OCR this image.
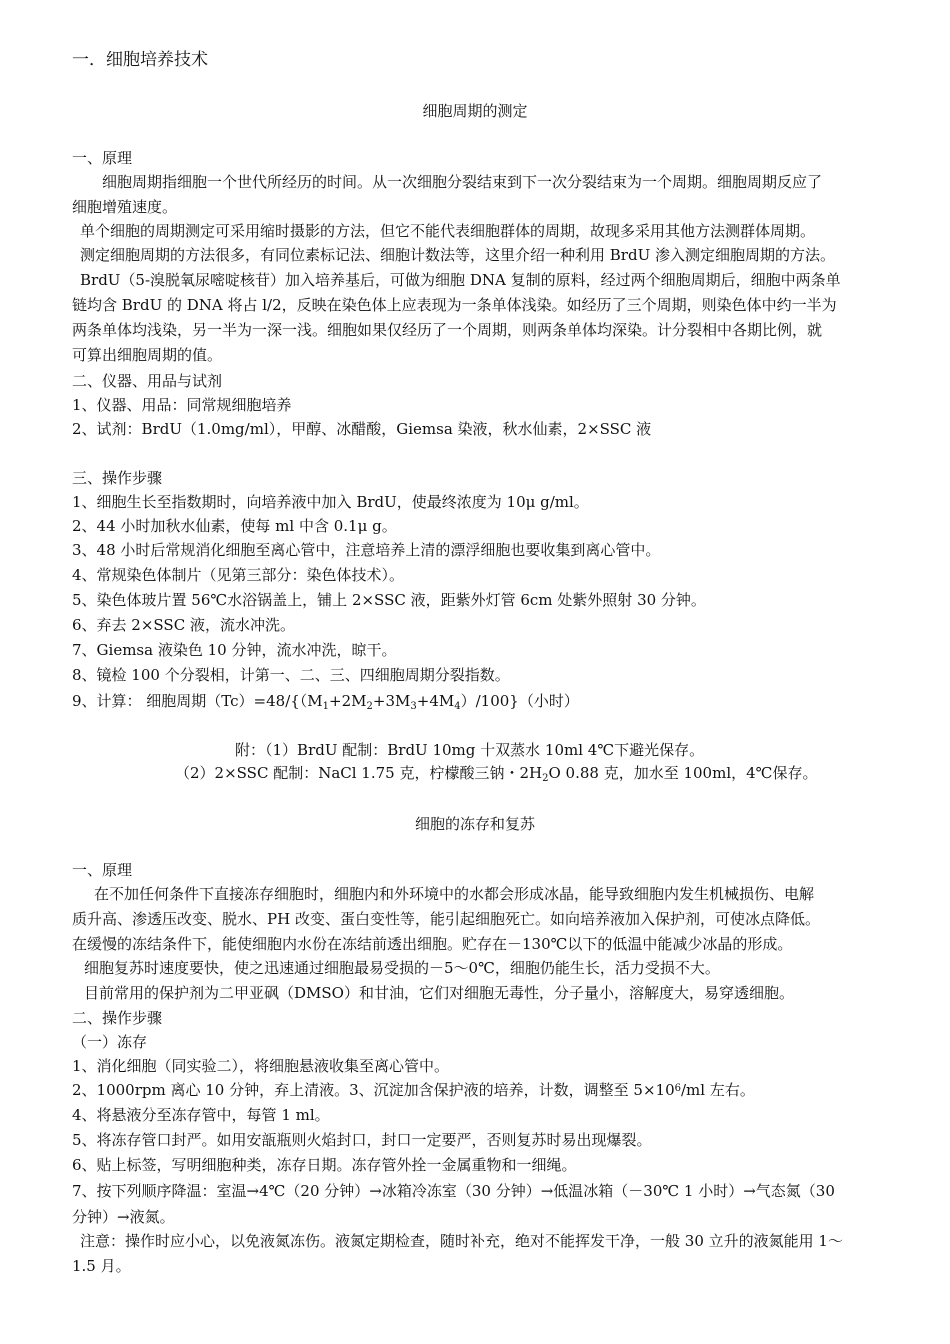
一．细胞培养技术
细胞周期的测定
一、原理
细胞周期指细胞一个世代所经历的时间。从一次细胞分裂结束到下一次分裂结束为一个周期。细胞周期反应了
细胞增殖速度。
单个细胞的周期测定可采用缩时摄影的方法，但它不能代表细胞群体的周期，故现多采用其他方法测群体周期。
测定细胞周期的方法很多，有同位素标记法、细胞计数法等，这里介绍一种利用 BrdU 渗入测定细胞周期的方法。
BrdU（5-溴脱氧尿嘧啶核苷）加入培养基后，可做为细胞 DNA 复制的原料，经过两个细胞周期后，细胞中两条单
链均含 BrdU 的 DNA 将占 l/2，反映在染色体上应表现为一条单体浅染。如经历了三个周期，则染色体中约一半为
两条单体均浅染，另一半为一深一浅。细胞如果仅经历了一个周期，则两条单体均深染。计分裂相中各期比例，就
可算出细胞周期的值。
二、仪器、用品与试剂
1、仪器、用品：同常规细胞培养
2、试剂：BrdU（1.0mg/ml），甲醇、冰醋酸，Giemsa 染液，秋水仙素，2×SSC 液
三、操作步骤
1、细胞生长至指数期时，向培养液中加入 BrdU，使最终浓度为 10μ g/ml。
2、44 小时加秋水仙素，使每 ml 中含 0.1μ g。
3、48 小时后常规消化细胞至离心管中，注意培养上清的漂浮细胞也要收集到离心管中。
4、常规染色体制片（见第三部分：染色体技术）。
5、染色体玻片置 56℃水浴锅盖上，铺上 2×SSC 液，距紫外灯管 6cm 处紫外照射 30 分钟。
6、弃去 2×SSC 液，流水冲洗。
7、Giemsa 液染色 10 分钟，流水冲洗，晾干。
8、镜检 100 个分裂相，计第一、二、三、四细胞周期分裂指数。
9、计算： 细胞周期$(Tc)=48/\{(M_1+2M_2+3M_3+4M_4)/100\}$（小时）
附：（1）BrdU 配制：BrdU 10mg 十双蒸水 10ml 4℃下避光保存。
（2）2×SSC 配制：NaCl 1.75 克，柠檬酸三钠・$2H_2O$ 0.88 克，加水至 100ml，4℃保存。
细胞的冻存和复苏
一、原理
在不加任何条件下直接冻存细胞时，细胞内和外环境中的水都会形成冰晶，能导致细胞内发生机械损伤、电解
质升高、渗透压改变、脱水、PH 改变、蛋白变性等，能引起细胞死亡。如向培养液加入保护剂，可使冰点降低。
在缓慢的冻结条件下，能使细胞内水份在冻结前透出细胞。贮存在－130℃以下的低温中能减少冰晶的形成。
细胞复苏时速度要快，使之迅速通过细胞最易受损的－5～0℃，细胞仍能生长，活力受损不大。
目前常用的保护剂为二甲亚砜（DMSO）和甘油，它们对细胞无毒性，分子量小，溶解度大，易穿透细胞。
二、操作步骤
（一）冻存
1、消化细胞（同实验二），将细胞悬液收集至离心管中。
2、1000rpm 离心 10 分钟，弃上清液。3、沉淀加含保护液的培养，计数，调整至 $5\times 10^6/ml$ 左右。
4、将悬液分至冻存管中，每管 1 ml。
5、将冻存管口封严。如用安瓿瓶则火焰封口，封口一定要严，否则复苏时易出现爆裂。
6、贴上标签，写明细胞种类，冻存日期。冻存管外拴一金属重物和一细绳。
7、按下列顺序降温：室温→4℃（20 分钟）→冰箱冷冻室（30 分钟）→低温冰箱（－30℃ 1 小时）→气态氮（30
分钟）→液氮。
注意：操作时应小心，以免液氮冻伤。液氮定期检查，随时补充，绝对不能挥发干净，一般 30 立升的液氮能用 1～
1.5 月。
